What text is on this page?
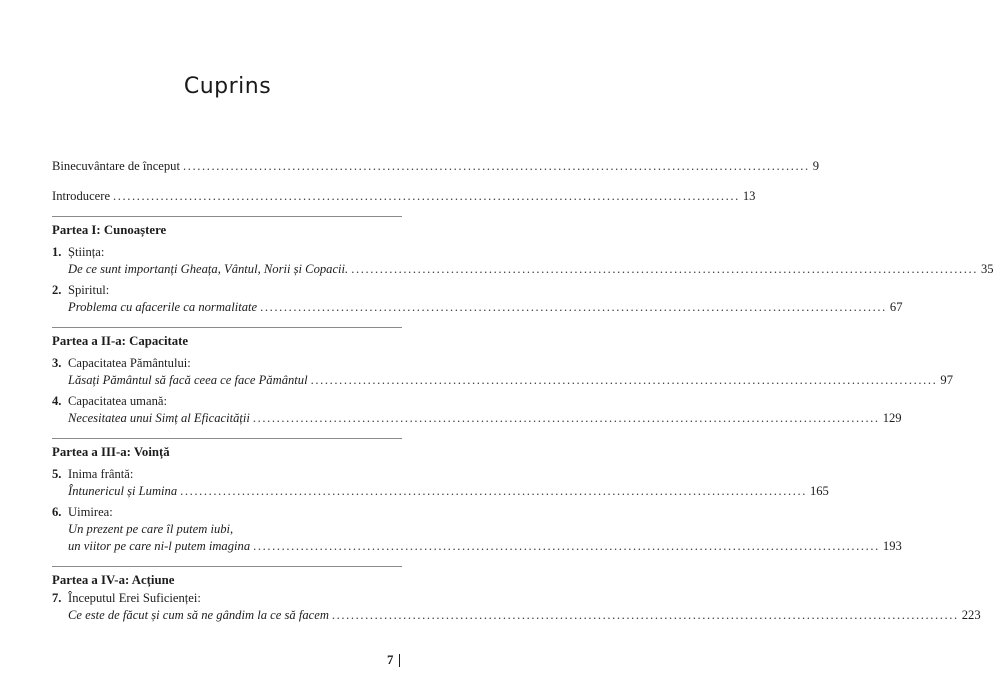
Cuprins
Binecuvântare de început .................................................................................................................................... 9
Introducere .................................................................................................................................... 13
Partea I: Cunoaștere
1. Știința:
De ce sunt importanți Gheața, Vântul, Norii și Copacii. .................................................................................................................................... 35
2. Spiritul:
Problema cu afacerile ca normalitate .................................................................................................................................... 67
Partea a II-a: Capacitate
3. Capacitatea Pământului:
Lăsați Pământul să facă ceea ce face Pământul .................................................................................................................................... 97
4. Capacitatea umană:
Necesitatea unui Simț al Eficacității .................................................................................................................................... 129
Partea a III-a: Voință
5. Inima frântă:
Întunericul și Lumina .................................................................................................................................... 165
6. Uimirea:
Un prezent pe care îl putem iubi,
un viitor pe care ni-l putem imagina .................................................................................................................................... 193
Partea a IV-a: Acțiune
7. Începutul Erei Suficienței:
Ce este de făcut și cum să ne gândim la ce să facem .................................................................................................................................... 223
7
